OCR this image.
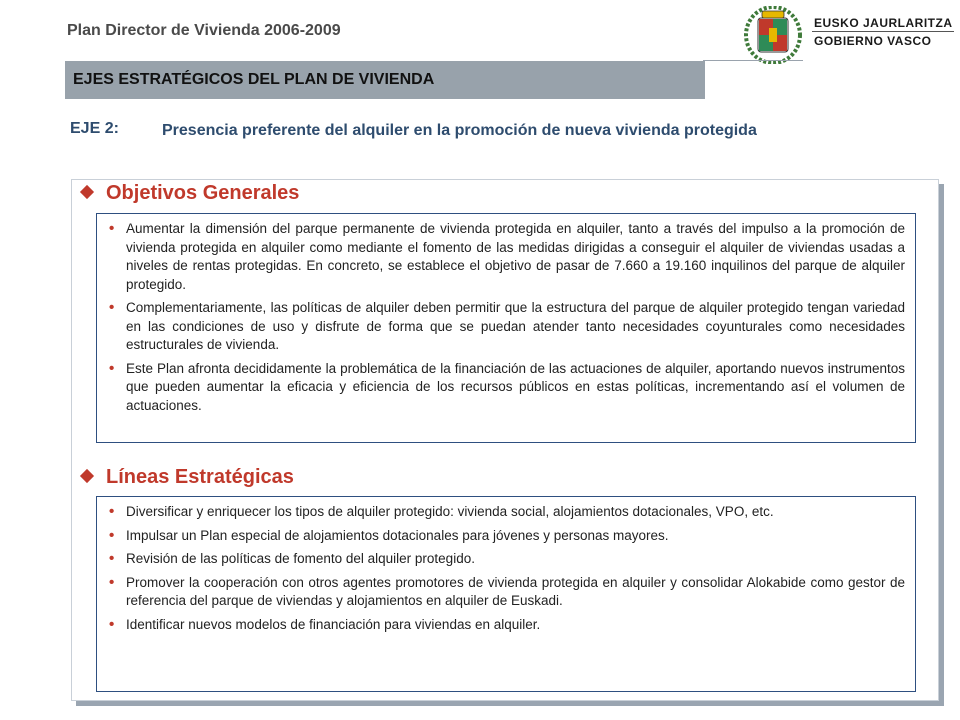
Plan Director de Vivienda 2006-2009	EUSKO JAURLARITZA
GOBIERNO VASCO
EJES ESTRATÉGICOS DEL PLAN DE VIVIENDA
EJE 2:	Presencia preferente del alquiler en la promoción de nueva vivienda protegida
Objetivos Generales
• Aumentar la dimensión del parque permanente de vivienda protegida en alquiler, tanto a través del impulso a la promoción de vivienda protegida en alquiler como mediante el fomento de las medidas dirigidas a conseguir el alquiler de viviendas usadas a niveles de rentas protegidas. En concreto, se establece el objetivo de pasar de 7.660 a 19.160 inquilinos del parque de alquiler protegido.
• Complementariamente, las políticas de alquiler deben permitir que la estructura del parque de alquiler protegido tengan variedad en las condiciones de uso y disfrute de forma que se puedan atender tanto necesidades coyunturales como necesidades estructurales de vivienda.
• Este Plan afronta decididamente la problemática de la financiación de las actuaciones de alquiler, aportando nuevos instrumentos que pueden aumentar la eficacia y eficiencia de los recursos públicos en estas políticas, incrementando así el volumen de actuaciones.
Líneas Estratégicas
• Diversificar y enriquecer los tipos de alquiler protegido: vivienda social, alojamientos dotacionales, VPO, etc.
• Impulsar un Plan especial de alojamientos dotacionales para jóvenes y personas mayores.
• Revisión de las políticas de fomento del alquiler protegido.
• Promover la cooperación con otros agentes promotores de vivienda protegida en alquiler y consolidar Alokabide como gestor de referencia del parque de viviendas y alojamientos en alquiler de Euskadi.
• Identificar nuevos modelos de financiación para viviendas en alquiler.
